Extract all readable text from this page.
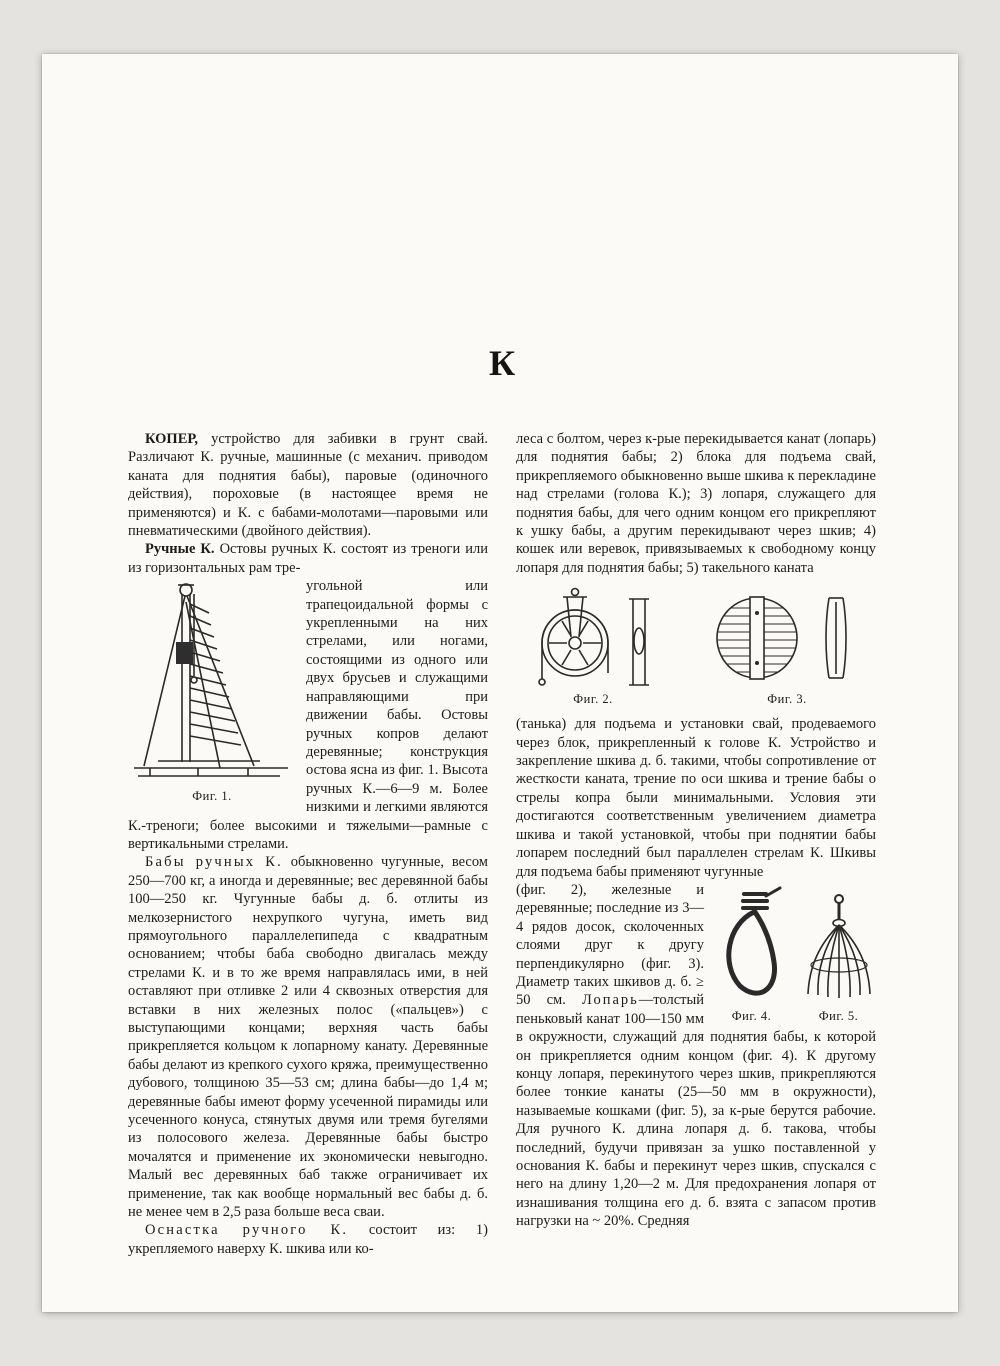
К

КОПЕР, устройство для забивки в грунт свай. Различают К. ручные, машинные (с механич. приводом каната для поднятия бабы), паровые (одиночного действия), пороховые (в настоящее время не применяются) и К. с бабами-молотами—паровыми или пневматическими (двойного действия).

Ручные К. Остовы ручных К. состоят из треноги или из горизонтальных рам тре-

Фиг. 1.

угольной или трапецоидальной формы с укрепленными на них стрелами, или ногами, состоящими из одного или двух брусьев и служащими направляющими при движении бабы. Остовы ручных копров делают деревянные; конструкция остова ясна из фиг. 1. Высота ручных К.—6—9 м. Более низкими и легкими являются К.-треноги; более высокими и тяжелыми—рамные с вертикальными стрелами.

Бабы ручных К. обыкновенно чугунные, весом 250—700 кг, а иногда и деревянные; вес деревянной бабы 100—250 кг. Чугунные бабы д. б. отлиты из мелкозернистого нехрупкого чугуна, иметь вид прямоугольного параллелепипеда с квадратным основанием; чтобы баба свободно двигалась между стрелами К. и в то же время направлялась ими, в ней оставляют при отливке 2 или 4 сквозных отверстия для вставки в них железных полос («пальцев») с выступающими концами; верхняя часть бабы прикрепляется кольцом к лопарному канату. Деревянные бабы делают из крепкого сухого кряжа, преимущественно дубового, толщиною 35—53 см; длина бабы—до 1,4 м; деревянные бабы имеют форму усеченной пирамиды или усеченного конуса, стянутых двумя или тремя бугелями из полосового железа. Деревянные бабы быстро мочалятся и применение их экономически невыгодно. Малый вес деревянных баб также ограничивает их применение, так как вообще нормальный вес бабы д. б. не менее чем в 2,5 раза больше веса сваи.

Оснастка ручного К. состоит из: 1) укрепляемого наверху К. шкива или ко-

леса с болтом, через к-рые перекидывается канат (лопарь) для поднятия бабы; 2) блока для подъема свай, прикрепляемого обыкновенно выше шкива к перекладине над стрелами (голова К.); 3) лопаря, служащего для поднятия бабы, для чего одним концом его прикрепляют к ушку бабы, а другим перекидывают через шкив; 4) кошек или веревок, привязываемых к свободному концу лопаря для поднятия бабы; 5) такельного каната

Фиг. 2.	Фиг. 3.

(танька) для подъема и установки свай, продеваемого через блок, прикрепленный к голове К. Устройство и закрепление шкива д. б. такими, чтобы сопротивление от жесткости каната, трение по оси шкива и трение бабы о стрелы копра были минимальными. Условия эти достигаются соответственным увеличением диаметра шкива и такой установкой, чтобы при поднятии бабы лопарем последний был параллелен стрелам К. Шкивы для подъема бабы применяют чугунные

Фиг. 4.	Фиг. 5.

(фиг. 2), железные и деревянные; последние из 3—4 рядов досок, сколоченных слоями друг к другу перпендикулярно (фиг. 3). Диаметр таких шкивов д. б. ≥ 50 см. Лопарь—толстый пеньковый канат 100—150 мм в окружности, служащий для поднятия бабы, к которой он прикрепляется одним концом (фиг. 4). К другому концу лопаря, перекинутого через шкив, прикрепляются более тонкие канаты (25—50 мм в окружности), называемые кошками (фиг. 5), за к-рые берутся рабочие. Для ручного К. длина лопаря д. б. такова, чтобы последний, будучи привязан за ушко поставленной у основания К. бабы и перекинут через шкив, спускался с него на длину 1,20—2 м. Для предохранения лопаря от изнашивания толщина его д. б. взята с запасом против нагрузки на ~ 20%. Средняя
